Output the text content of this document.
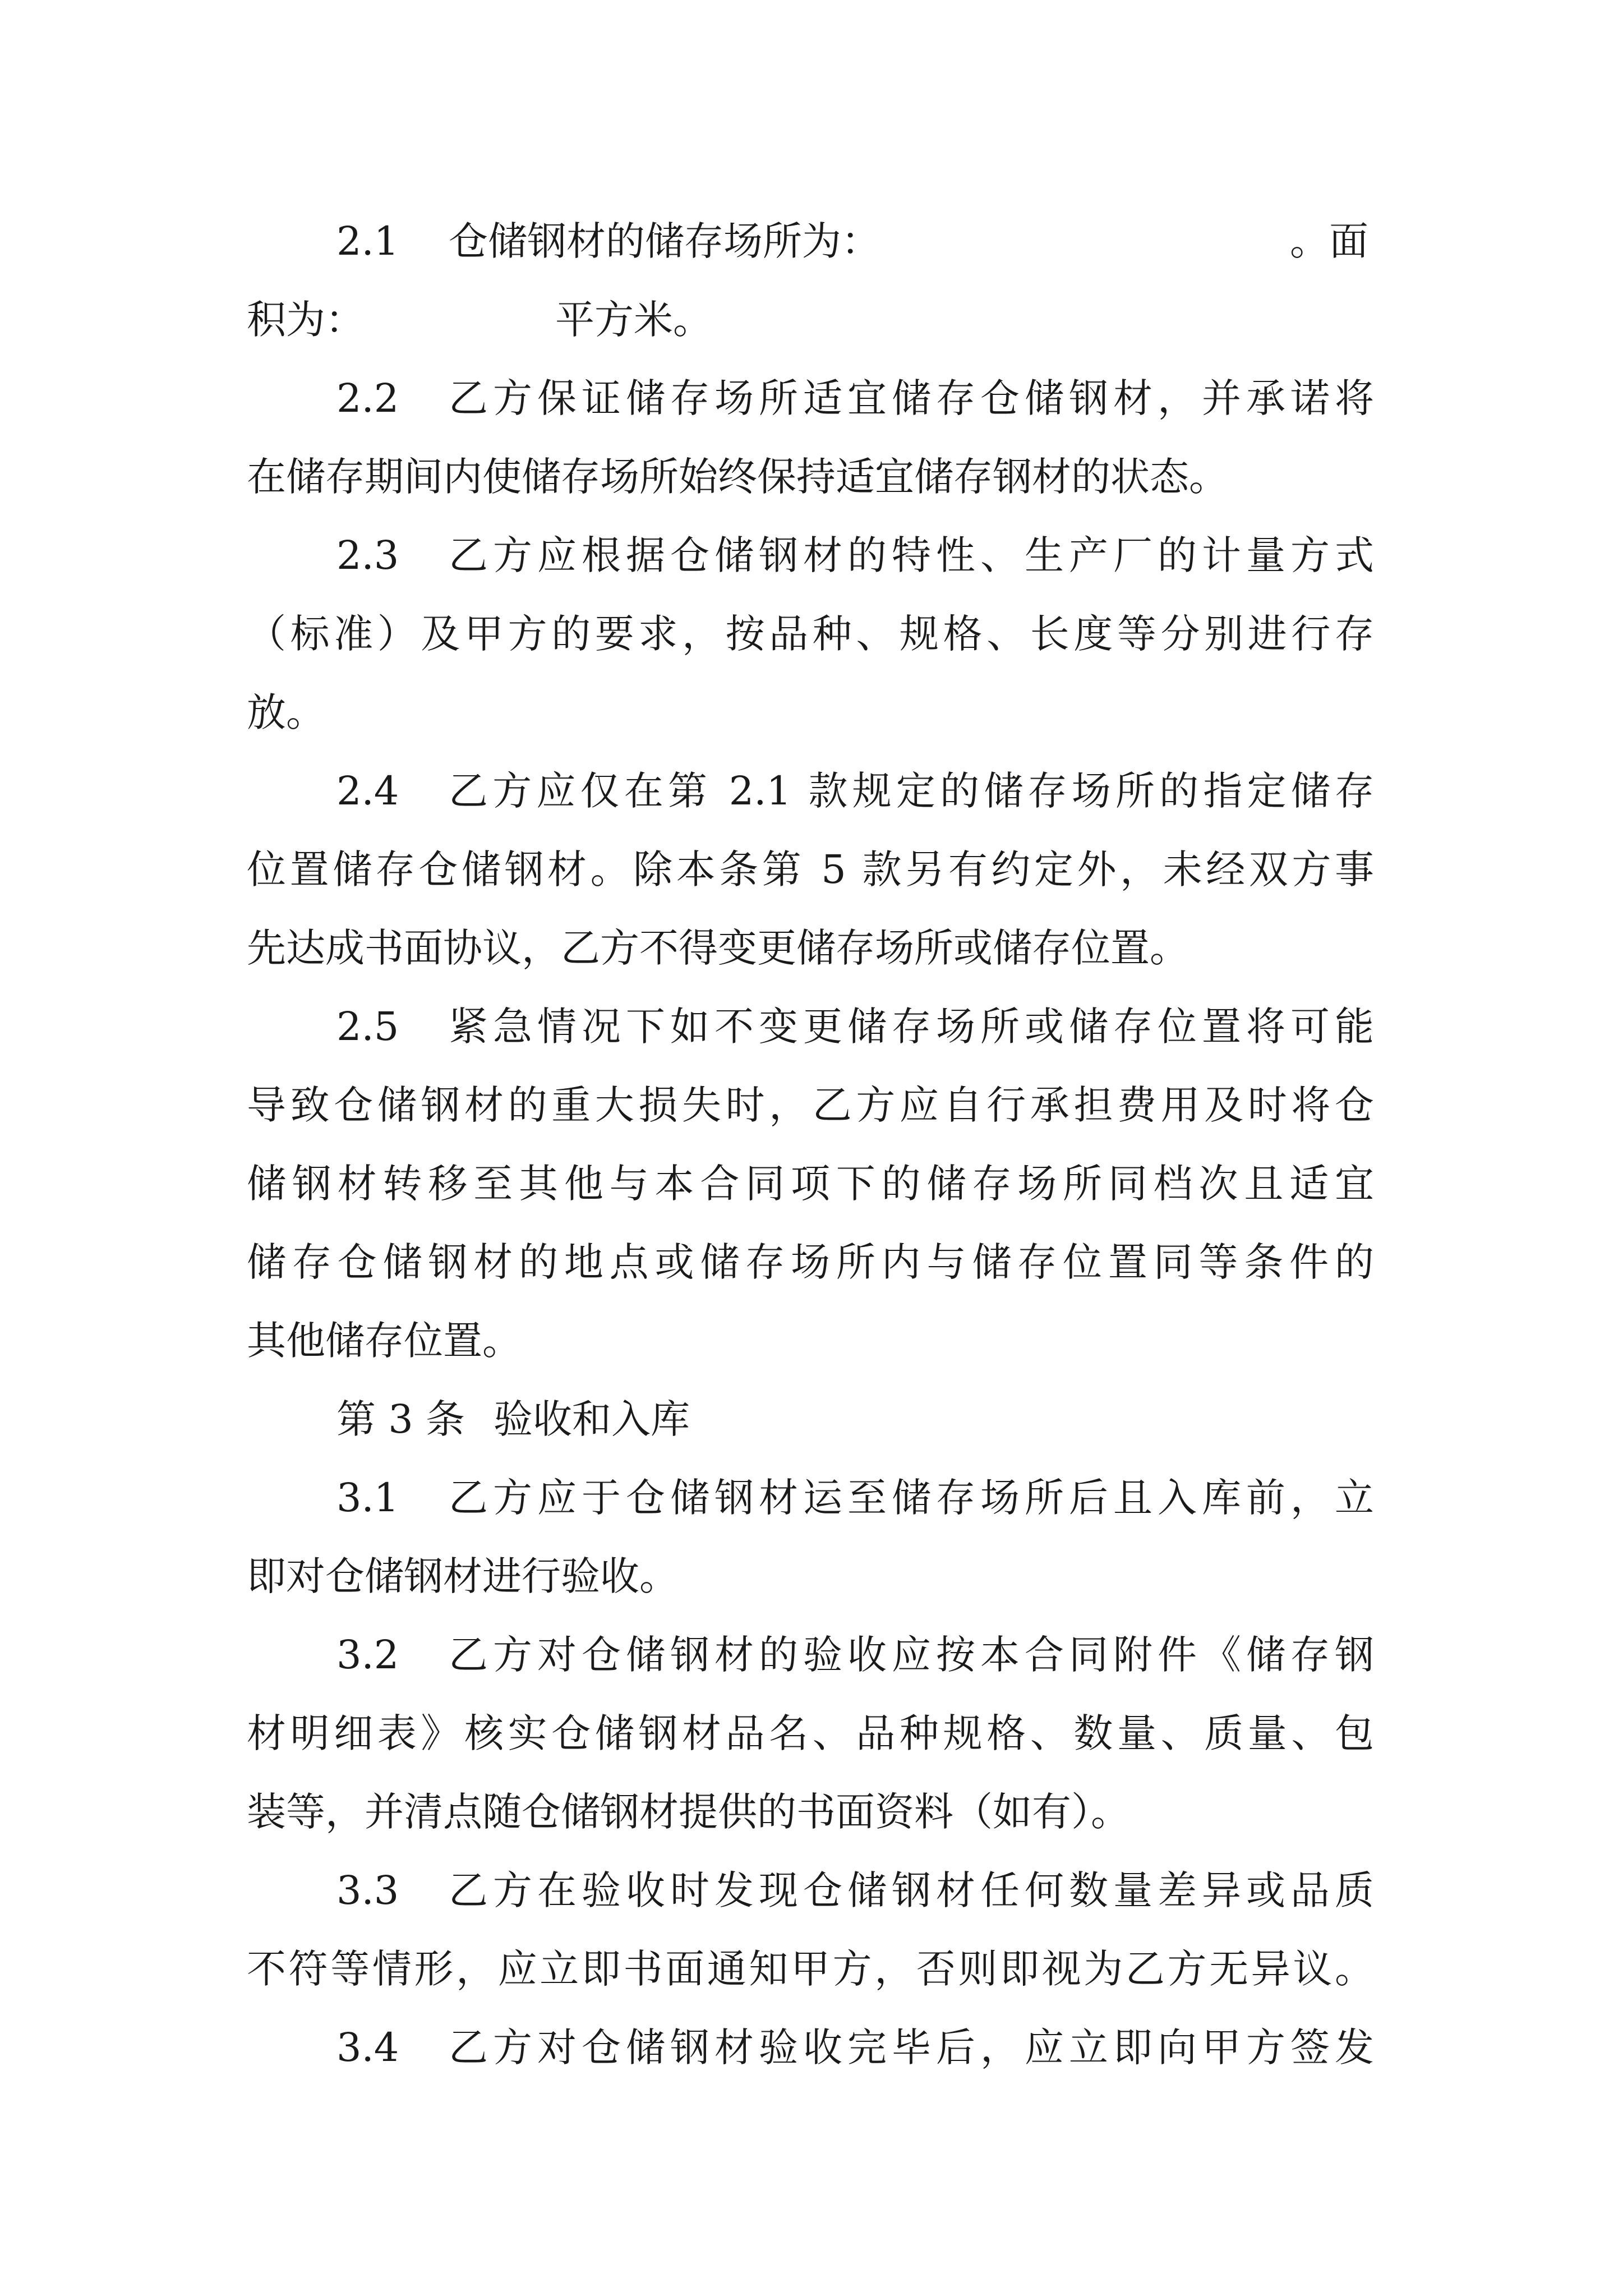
2.1 仓储钢材的储存场所为：	。面
积为：	平方米。
2.2 乙方保证储存场所适宜储存仓储钢材，并承诺将
在储存期间内使储存场所始终保持适宜储存钢材的状态。
2.3 乙方应根据仓储钢材的特性、生产厂的计量方式
（标准）及甲方的要求，按品种、规格、长度等分别进行存
放。
2.4 乙方应仅在第 2.1 款规定的储存场所的指定储存
位置储存仓储钢材。除本条第 5 款另有约定外，未经双方事
先达成书面协议，乙方不得变更储存场所或储存位置。
2.5 紧急情况下如不变更储存场所或储存位置将可能
导致仓储钢材的重大损失时，乙方应自行承担费用及时将仓
储钢材转移至其他与本合同项下的储存场所同档次且适宜
储存仓储钢材的地点或储存场所内与储存位置同等条件的
其他储存位置。
第 3 条 验收和入库
3.1 乙方应于仓储钢材运至储存场所后且入库前，立
即对仓储钢材进行验收。
3.2 乙方对仓储钢材的验收应按本合同附件《储存钢
材明细表》核实仓储钢材品名、品种规格、数量、质量、包
装等，并清点随仓储钢材提供的书面资料（如有）。
3.3 乙方在验收时发现仓储钢材任何数量差异或品质
不符等情形，应立即书面通知甲方，否则即视为乙方无异议。
3.4 乙方对仓储钢材验收完毕后，应立即向甲方签发
